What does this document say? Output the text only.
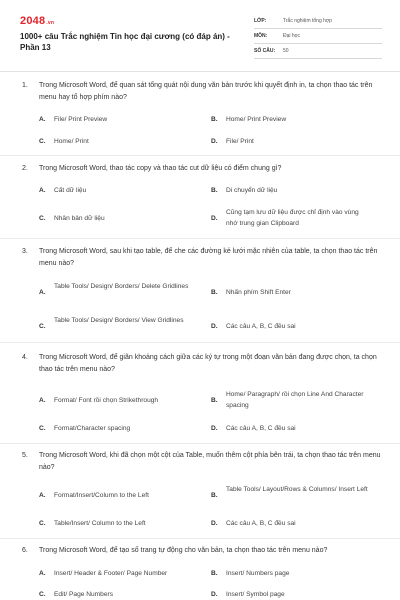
2048.vn
1000+ câu Trắc nghiệm Tin học đại cương (có đáp án) - Phần 13
LỚP:	Trắc nghiệm tổng hợp
MÔN:	Đại học
SỐ CÂU: 50
1.	Trong Microsoft Word, để quan sát tổng quát nội dung văn bản trước khi quyết định in, ta chọn thao tác trên menu hay tổ hợp phím nào?
A.	File/ Print Preview	B.	Home/ Print Preview
C.	Home/ Print	D.	File/ Print
2.	Trong Microsoft Word, thao tác copy và thao tác cut dữ liệu có điểm chung gì?
A.	Cất dữ liệu	B.	Di chuyển dữ liệu
C.	Nhân bản dữ liệu	D.
Cũng tạm lưu dữ liệu được chỉ định vào vùng nhớ trung gian Clipboard
3.	Trong Microsoft Word, sau khi tạo table, để che các đường kẻ lưới mặc nhiên của table, ta chọn thao tác trên menu nào?
A.
Table Tools/ Design/ Borders/ Delete Gridlines
B.	Nhấn phím Shift Enter
C.
Table Tools/ Design/ Borders/ View Gridlines
D.	Các câu A, B, C đều sai
4.	Trong Microsoft Word, để giãn khoảng cách giữa các ký tự trong một đoạn văn bản đang được chọn, ta chọn thao tác trên menu nào?
A.	Format/ Font rồi chọn Strikethrough	B.
Home/ Paragraph/ rồi chọn Line And Character spacing
C.	Format/Character spacing	D.	Các câu A, B, C đều sai
5.	Trong Microsoft Word, khi đã chọn một cột của Table, muốn thêm cột phía bên trái, ta chọn thao tác trên menu nào?
A.	Format/Insert/Column to the Left	B.
Table Tools/ Layout/Rows & Columns/ Insert Left
C.	Table/Insert/ Column to the Left	D.	Các câu A, B, C đều sai
6.	Trong Microsoft Word, để tạo số trang tự động cho văn bản, ta chọn thao tác trên menu nào?
A.	Insert/ Header & Footer/ Page Number	B.	Insert/ Numbers page
C.	Edit/ Page Numbers	D.	Insert/ Symbol page
